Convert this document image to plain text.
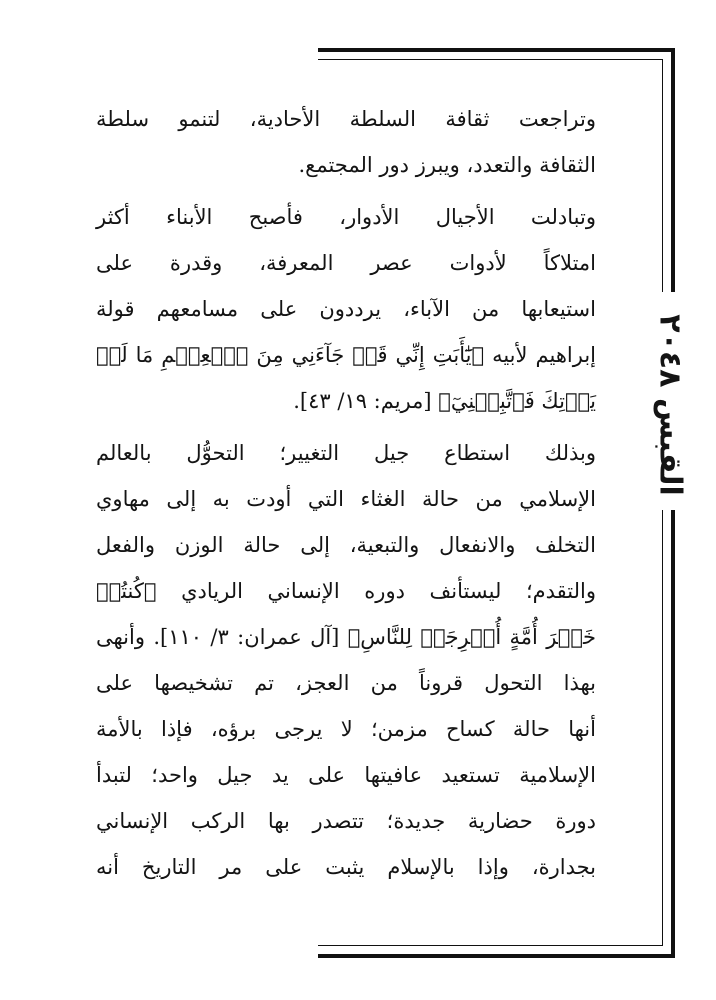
القبس ٢٠٤٨

وتراجعت ثقافة السلطة الأحادية، لتنمو سلطة
الثقافة والتعدد، ويبرز دور المجتمع.

وتبادلت الأجيال الأدوار، فأصبح الأبناء أكثر
امتلاكاً لأدوات عصر المعرفة، وقدرة على
استيعابها من الآباء، يرددون على مسامعهم قولة
إبراهيم لأبيه ﴿يَٰٓأَبَتِ إِنِّي قَدۡ جَآءَنِي مِنَ ٱلۡعِلۡمِ مَا لَمۡ
يَأۡتِكَ فَٱتَّبِعۡنِيٓ﴾ [مريم: ١٩/ ٤٣].

وبذلك استطاع جيل التغيير؛ التحوُّل بالعالم
الإسلامي من حالة الغثاء التي أودت به إلى مهاوي
التخلف والانفعال والتبعية، إلى حالة الوزن والفعل
والتقدم؛ ليستأنف دوره الإنساني الريادي ﴿كُنتُمۡ
خَيۡرَ أُمَّةٍ أُخۡرِجَتۡ لِلنَّاسِ﴾ [آل عمران: ٣/ ١١٠]. وأنهى
بهذا التحول قروناً من العجز، تم تشخيصها على
أنها حالة كساح مزمن؛ لا يرجى برؤه، فإذا بالأمة
الإسلامية تستعيد عافيتها على يد جيل واحد؛ لتبدأ
دورة حضارية جديدة؛ تتصدر بها الركب الإنساني
بجدارة، وإذا بالإسلام يثبت على مر التاريخ أنه
